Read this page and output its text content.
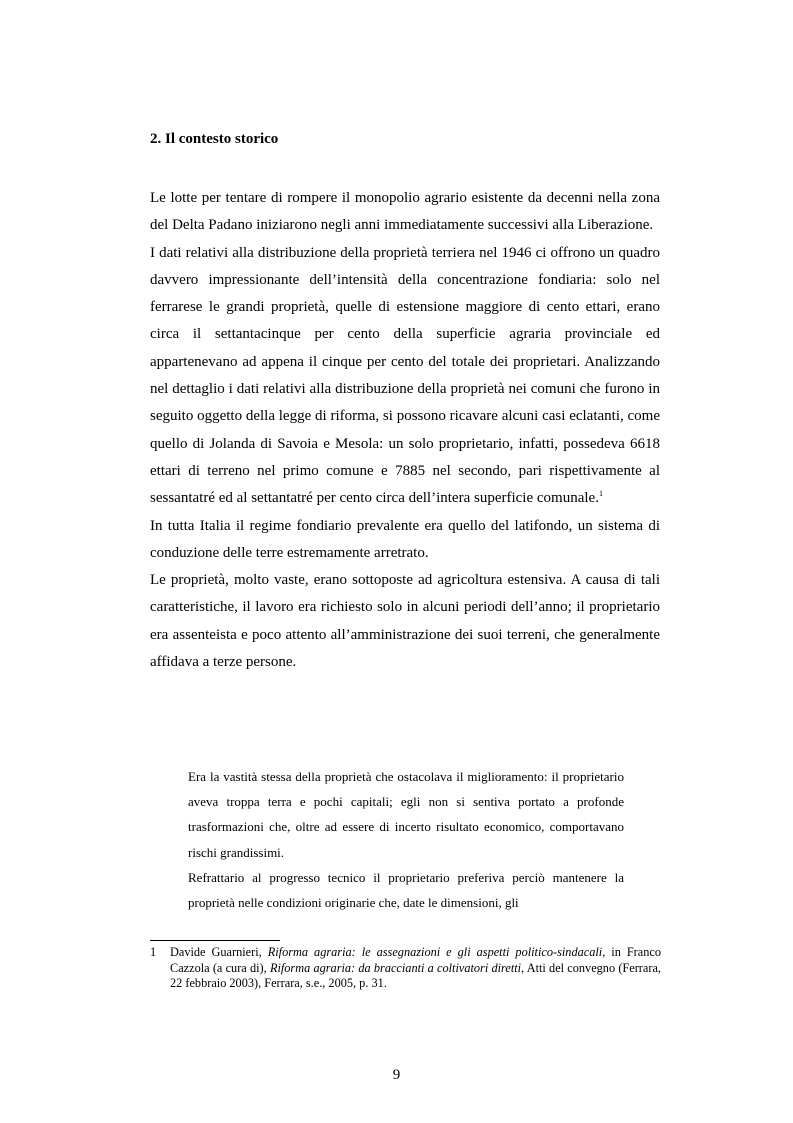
2. Il contesto storico

Le lotte per tentare di rompere il monopolio agrario esistente da decenni nella zona del Delta Padano iniziarono negli anni immediatamente successivi alla Liberazione.

I dati relativi alla distribuzione della proprietà terriera nel 1946 ci offrono un quadro davvero impressionante dell’intensità della concentrazione fondiaria: solo nel ferrarese le grandi proprietà, quelle di estensione maggiore di cento ettari, erano circa il settantacinque per cento della superficie agraria provinciale ed appartenevano ad appena il cinque per cento del totale dei proprietari. Analizzando nel dettaglio i dati relativi alla distribuzione della proprietà nei comuni che furono in seguito oggetto della legge di riforma, si possono ricavare alcuni casi eclatanti, come quello di Jolanda di Savoia e Mesola: un solo proprietario, infatti, possedeva 6618 ettari di terreno nel primo comune e 7885 nel secondo, pari rispettivamente al sessantatré ed al settantatré per cento circa dell’intera superficie comunale.$^1$

In tutta Italia il regime fondiario prevalente era quello del latifondo, un sistema di conduzione delle terre estremamente arretrato.

Le proprietà, molto vaste, erano sottoposte ad agricoltura estensiva. A causa di tali caratteristiche, il lavoro era richiesto solo in alcuni periodi dell’anno; il proprietario era assenteista e poco attento all’amministrazione dei suoi terreni, che generalmente affidava a terze persone.

Era la vastità stessa della proprietà che ostacolava il miglioramento: il proprietario aveva troppa terra e pochi capitali; egli non si sentiva portato a profonde trasformazioni che, oltre ad essere di incerto risultato economico, comportavano rischi grandissimi.

Refrattario al progresso tecnico il proprietario preferiva perciò mantenere la proprietà nelle condizioni originarie che, date le dimensioni, gli

1 Davide Guarnieri, Riforma agraria: le assegnazioni e gli aspetti politico-sindacali, in Franco Cazzola (a cura di), Riforma agraria: da braccianti a coltivatori diretti, Atti del convegno (Ferrara, 22 febbraio 2003), Ferrara, s.e., 2005, p. 31.
9
